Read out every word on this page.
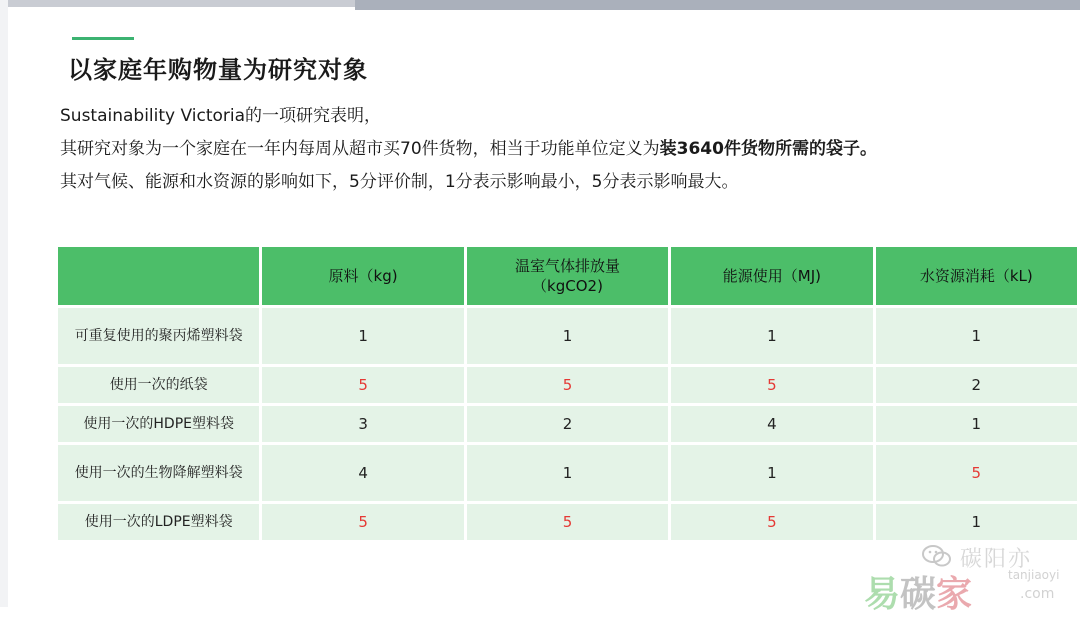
以家庭年购物量为研究对象

Sustainability Victoria的一项研究表明，

其研究对象为一个家庭在一年内每周从超市买70件货物，相当于功能单位定义为装3640件货物所需的袋子。

其对气候、能源和水资源的影响如下，5分评价制，1分表示影响最小，5分表示影响最大。

	原料（kg)	温室气体排放量（kgCO2)	能源使用（MJ)	水资源消耗（kL)
可重复使用的聚丙烯塑料袋	1	1	1	1
使用一次的纸袋	5	5	5	2
使用一次的HDPE塑料袋	3	2	4	1
使用一次的生物降解塑料袋	4	1	1	5
使用一次的LDPE塑料袋	5	5	5	1
碳阳亦
易碳家	tanjiaoyi
.com
